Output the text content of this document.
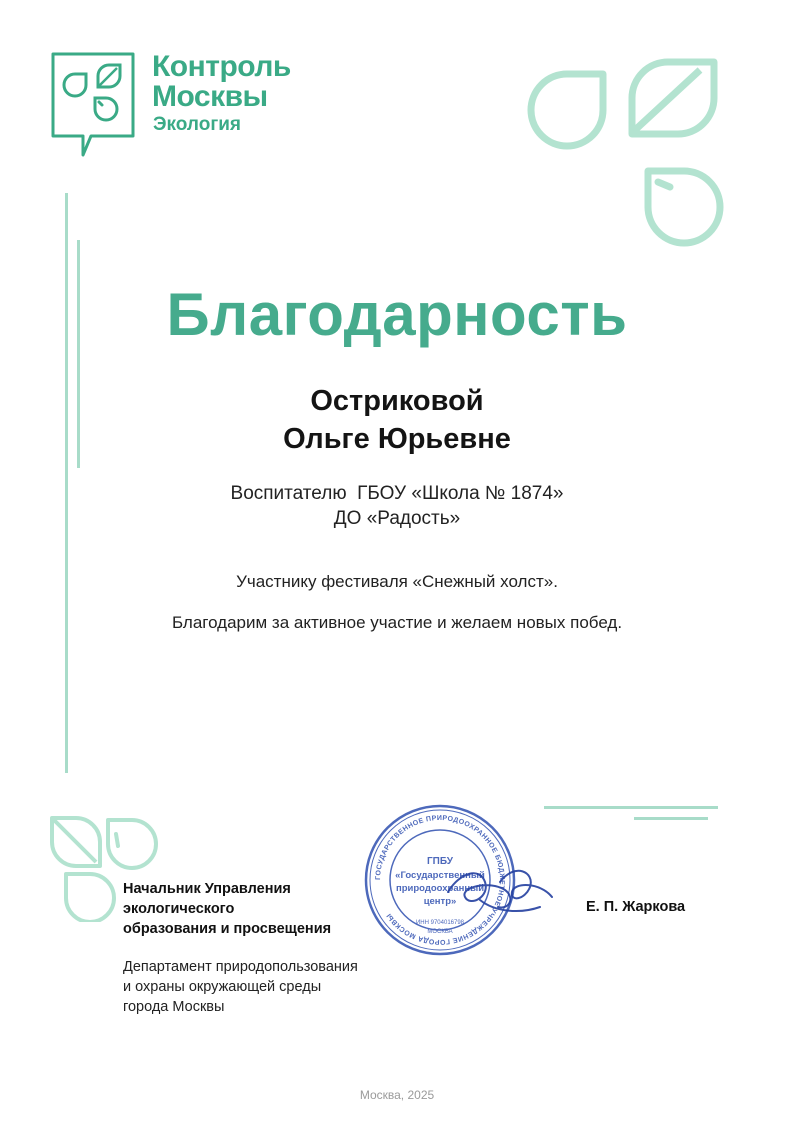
Контроль
Москвы
Экология
Благодарность
Остриковой
Ольге Юрьевне
Воспитателю  ГБОУ «Школа № 1874»
ДО «Радость»
Участнику фестиваля «Снежный холст».
Благодарим за активное участие и желаем новых побед.
Начальник Управления
экологического
образования и просвещения
Департамент природопользования
и охраны окружающей среды
города Москвы
ГОСУДАРСТВЕННОЕ ПРИРОДООХРАННОЕ БЮДЖЕТНОЕ УЧРЕЖДЕНИЕ ГОРОДА МОСКВЫ
ГПБУ
«Государственный
природоохранный
центр»
ИНН 9704016798
МОСКВА
Е. П. Жаркова
Москва, 2025
